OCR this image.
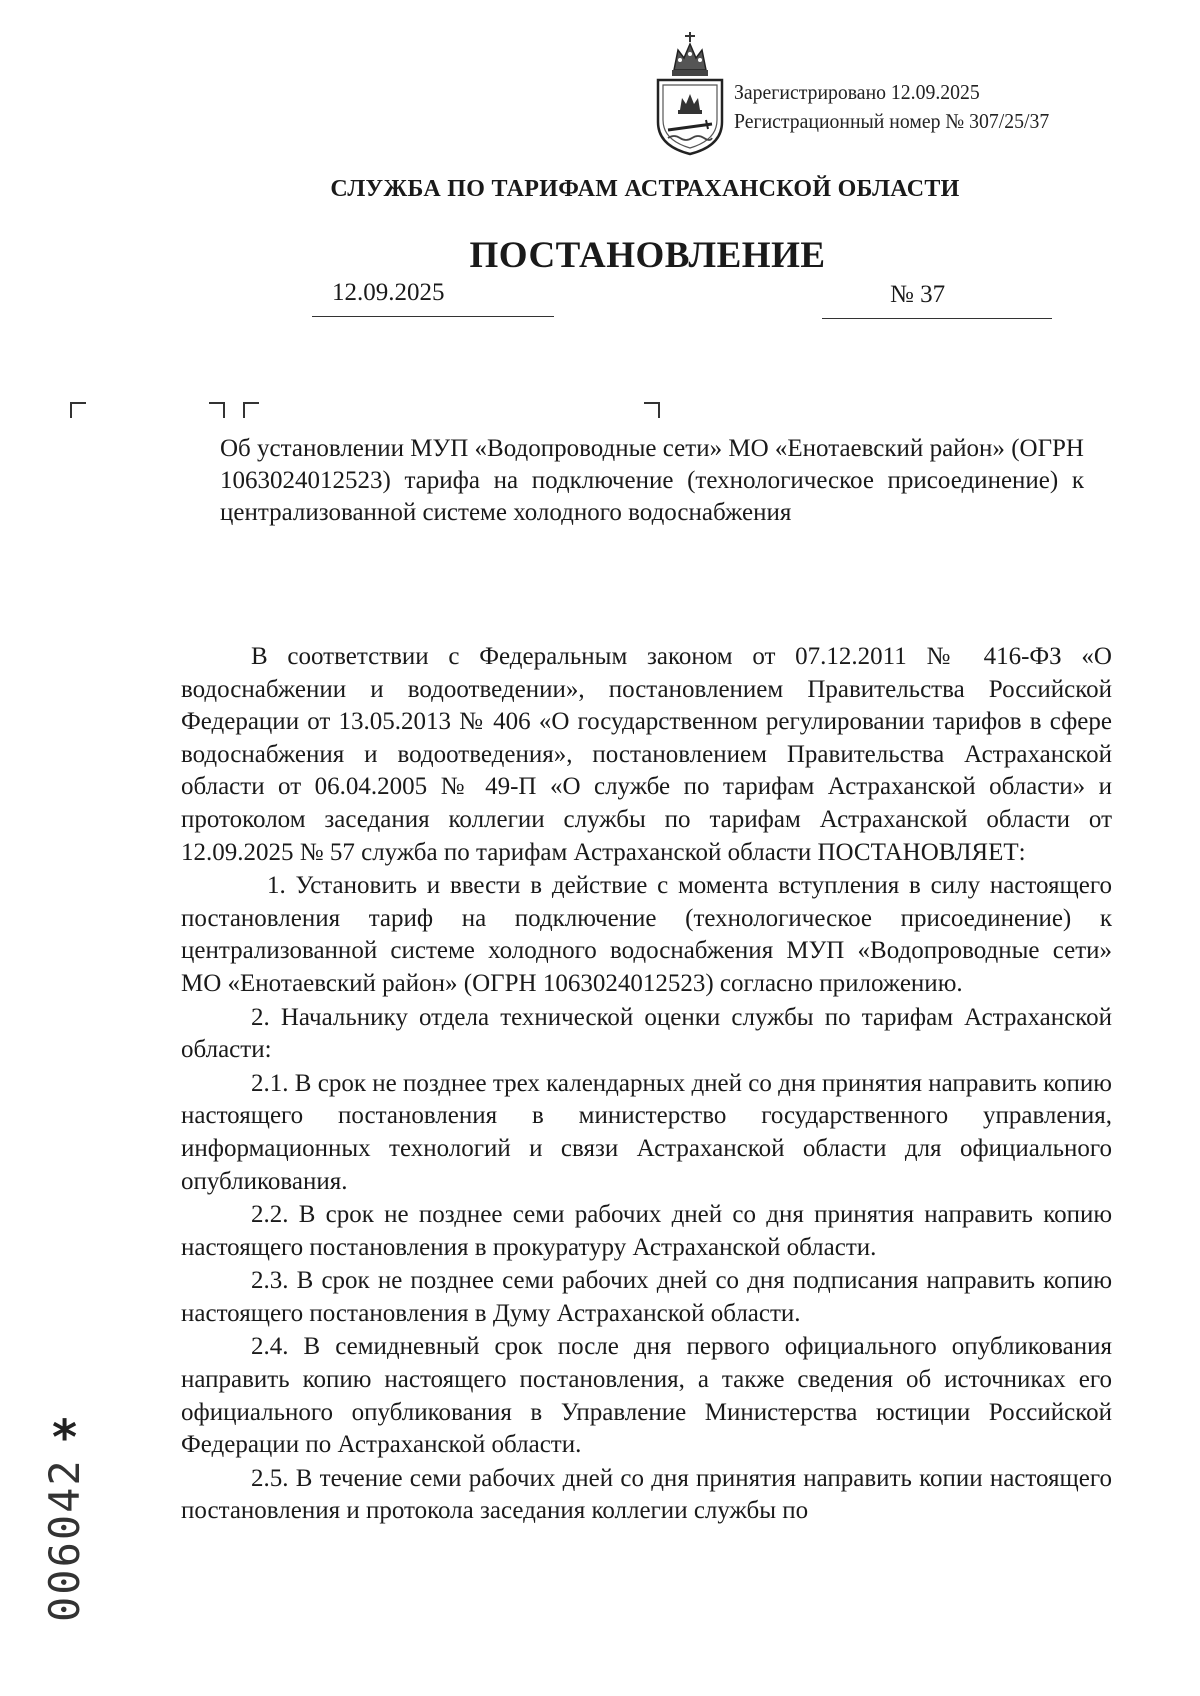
Зарегистрировано 12.09.2025
Регистрационный номер № 307/25/37
СЛУЖБА ПО ТАРИФАМ АСТРАХАНСКОЙ ОБЛАСТИ
ПОСТАНОВЛЕНИЕ
12.09.2025	№ 37

Об установлении МУП «Водопроводные сети» МО «Енотаевский район» (ОГРН 1063024012523) тарифа на подключение (технологическое присоединение) к централизованной системе холодного водоснабжения

В соответствии с Федеральным законом от 07.12.2011 № 416-ФЗ «О водоснабжении и водоотведении», постановлением Правительства Российской Федерации от 13.05.2013 № 406 «О государственном регулировании тарифов в сфере водоснабжения и водоотведения», постановлением Правительства Астраханской области от 06.04.2005 № 49-П «О службе по тарифам Астраханской области» и протоколом заседания коллегии службы по тарифам Астраханской области от 12.09.2025 № 57 служба по тарифам Астраханской области ПОСТАНОВЛЯЕТ:

1. Установить и ввести в действие с момента вступления в силу настоящего постановления тариф на подключение (технологическое присоединение) к централизованной системе холодного водоснабжения МУП «Водопроводные сети» МО «Енотаевский район» (ОГРН 1063024012523) согласно приложению.

2. Начальнику отдела технической оценки службы по тарифам Астраханской области:

2.1. В срок не позднее трех календарных дней со дня принятия направить копию настоящего постановления в министерство государственного управления, информационных технологий и связи Астраханской области для официального опубликования.

2.2. В срок не позднее семи рабочих дней со дня принятия направить копию настоящего постановления в прокуратуру Астраханской области.

2.3. В срок не позднее семи рабочих дней со дня подписания направить копию настоящего постановления в Думу Астраханской области.

2.4. В семидневный срок после дня первого официального опубликования направить копию настоящего постановления, а также сведения об источниках его официального опубликования в Управление Министерства юстиции Российской Федерации по Астраханской области.

2.5. В течение семи рабочих дней со дня принятия направить копии настоящего постановления и протокола заседания коллегии службы по

*
006042
